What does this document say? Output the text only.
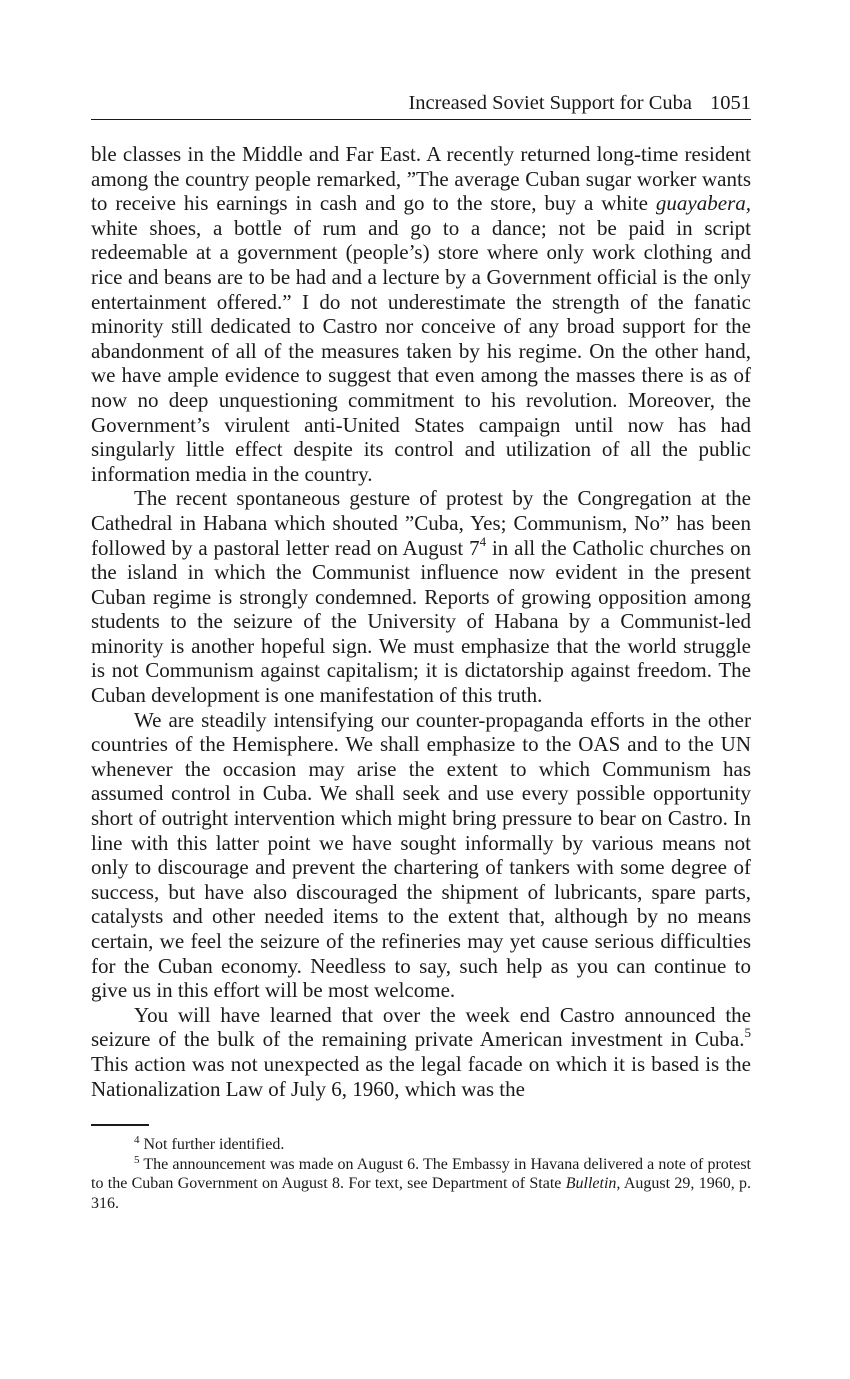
Increased Soviet Support for Cuba 1051

ble classes in the Middle and Far East. A recently returned long-time resident among the country people remarked, ”The average Cuban sugar worker wants to receive his earnings in cash and go to the store, buy a white guayabera, white shoes, a bottle of rum and go to a dance; not be paid in script redeemable at a government (people’s) store where only work clothing and rice and beans are to be had and a lecture by a Government official is the only entertainment offered.” I do not underestimate the strength of the fanatic minority still dedicated to Castro nor conceive of any broad support for the abandonment of all of the measures taken by his regime. On the other hand, we have ample evidence to suggest that even among the masses there is as of now no deep unquestioning commitment to his revolution. Moreover, the Government’s virulent anti-United States campaign until now has had singularly little effect despite its control and utilization of all the public information media in the country.

The recent spontaneous gesture of protest by the Congregation at the Cathedral in Habana which shouted ”Cuba, Yes; Communism, No” has been followed by a pastoral letter read on August $7^4$ in all the Catholic churches on the island in which the Communist influence now evident in the present Cuban regime is strongly condemned. Reports of growing opposition among students to the seizure of the University of Habana by a Communist-led minority is another hopeful sign. We must emphasize that the world struggle is not Communism against capitalism; it is dictatorship against freedom. The Cuban development is one manifestation of this truth.

We are steadily intensifying our counter-propaganda efforts in the other countries of the Hemisphere. We shall emphasize to the OAS and to the UN whenever the occasion may arise the extent to which Communism has assumed control in Cuba. We shall seek and use every possible opportunity short of outright intervention which might bring pressure to bear on Castro. In line with this latter point we have sought informally by various means not only to discourage and prevent the chartering of tankers with some degree of success, but have also discouraged the shipment of lubricants, spare parts, catalysts and other needed items to the extent that, although by no means certain, we feel the seizure of the refineries may yet cause serious difficulties for the Cuban economy. Needless to say, such help as you can continue to give us in this effort will be most welcome.

You will have learned that over the week end Castro announced the seizure of the bulk of the remaining private American investment in Cuba.$^5$ This action was not unexpected as the legal facade on which it is based is the Nationalization Law of July 6, 1960, which was the

$^4$ Not further identified.

$^5$ The announcement was made on August 6. The Embassy in Havana delivered a note of protest to the Cuban Government on August 8. For text, see Department of State Bulletin, August 29, 1960, p. 316.
